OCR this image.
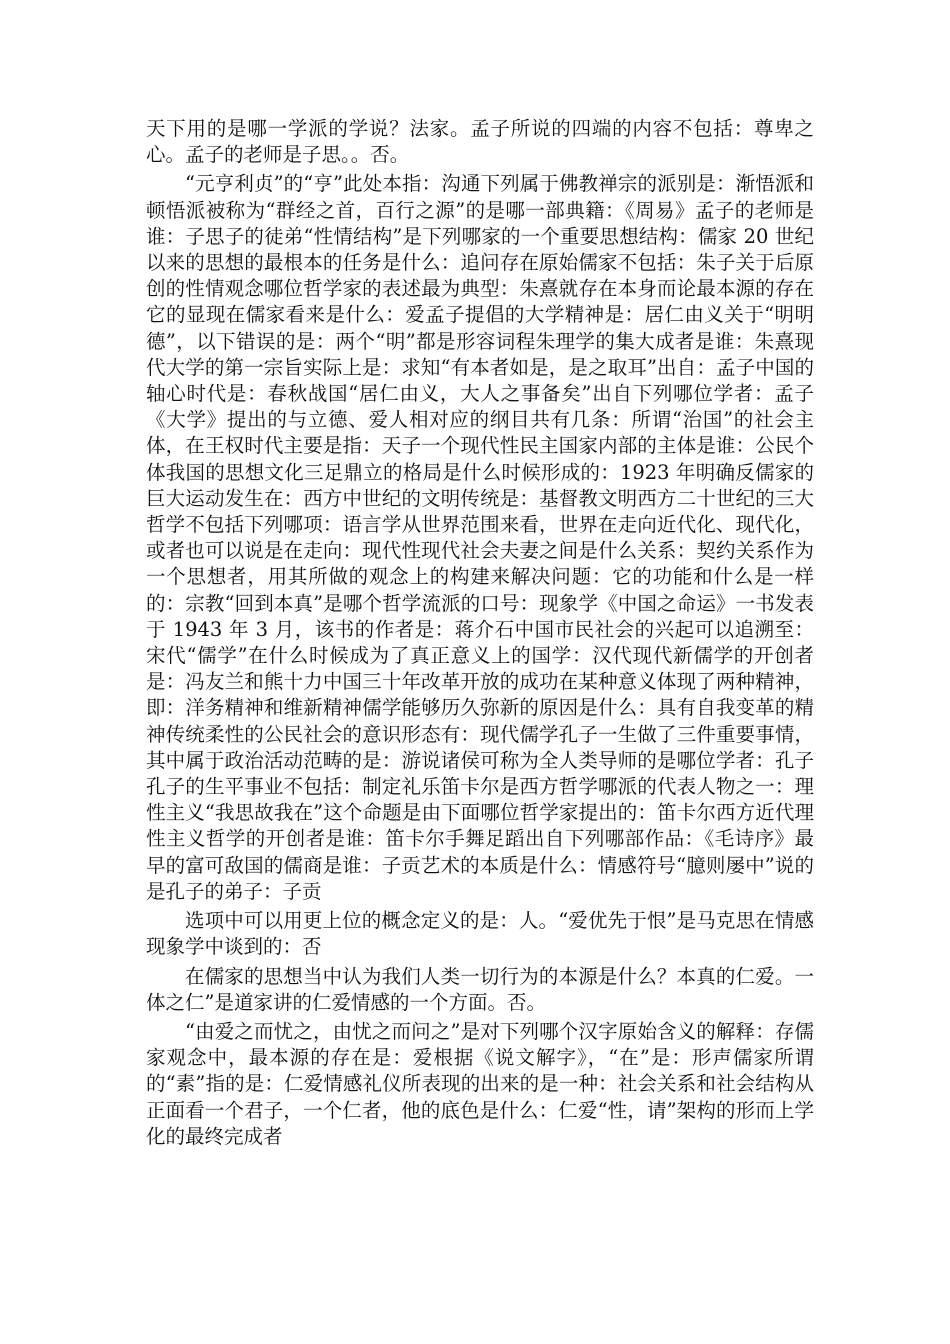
天下用的是哪一学派的学说？法家。孟子所说的四端的内容不包括：尊卑之心。孟子的老师是子思。。否。

“元亨利贞”的“亨”此处本指：沟通下列属于佛教禅宗的派别是：渐悟派和顿悟派被称为“群经之首，百行之源”的是哪一部典籍：《周易》孟子的老师是谁：子思子的徒弟“性情结构”是下列哪家的一个重要思想结构：儒家 20 世纪以来的思想的最根本的任务是什么：追问存在原始儒家不包括：朱子关于后原创的性情观念哪位哲学家的表述最为典型：朱熹就存在本身而论最本源的存在它的显现在儒家看来是什么：爱孟子提倡的大学精神是：居仁由义关于“明明德”，以下错误的是：两个“明”都是形容词程朱理学的集大成者是谁：朱熹现代大学的第一宗旨实际上是：求知“有本者如是，是之取耳”出自：孟子中国的轴心时代是：春秋战国“居仁由义，大人之事备矣”出自下列哪位学者：孟子《大学》提出的与立德、爱人相对应的纲目共有几条：所谓“治国”的社会主体，在王权时代主要是指：天子一个现代性民主国家内部的主体是谁：公民个体我国的思想文化三足鼎立的格局是什么时候形成的：1923 年明确反儒家的巨大运动发生在：西方中世纪的文明传统是：基督教文明西方二十世纪的三大哲学不包括下列哪项：语言学从世界范围来看，世界在走向近代化、现代化，或者也可以说是在走向：现代性现代社会夫妻之间是什么关系：契约关系作为一个思想者，用其所做的观念上的构建来解决问题：它的功能和什么是一样的：宗教“回到本真”是哪个哲学流派的口号：现象学《中国之命运》一书发表于 1943 年 3 月，该书的作者是：蒋介石中国市民社会的兴起可以追溯至：宋代“儒学”在什么时候成为了真正意义上的国学：汉代现代新儒学的开创者是：冯友兰和熊十力中国三十年改革开放的成功在某种意义体现了两种精神，即：洋务精神和维新精神儒学能够历久弥新的原因是什么：具有自我变革的精神传统柔性的公民社会的意识形态有：现代儒学孔子一生做了三件重要事情，其中属于政治活动范畴的是：游说诸侯可称为全人类导师的是哪位学者：孔子孔子的生平事业不包括：制定礼乐笛卡尔是西方哲学哪派的代表人物之一：理性主义“我思故我在”这个命题是由下面哪位哲学家提出的：笛卡尔西方近代理性主义哲学的开创者是谁：笛卡尔手舞足蹈出自下列哪部作品：《毛诗序》最早的富可敌国的儒商是谁：子贡艺术的本质是什么：情感符号“臆则屡中”说的是孔子的弟子：子贡

选项中可以用更上位的概念定义的是：人。“爱优先于恨”是马克思在情感现象学中谈到的：否

在儒家的思想当中认为我们人类一切行为的本源是什么？本真的仁爱。一体之仁”是道家讲的仁爱情感的一个方面。否。

“由爱之而忧之，由忧之而问之”是对下列哪个汉字原始含义的解释：存儒家观念中，最本源的存在是：爱根据《说文解字》，“在”是：形声儒家所谓的“素”指的是：仁爱情感礼仪所表现的出来的是一种：社会关系和社会结构从正面看一个君子，一个仁者，他的底色是什么：仁爱“性，请”架构的形而上学化的最终完成者
